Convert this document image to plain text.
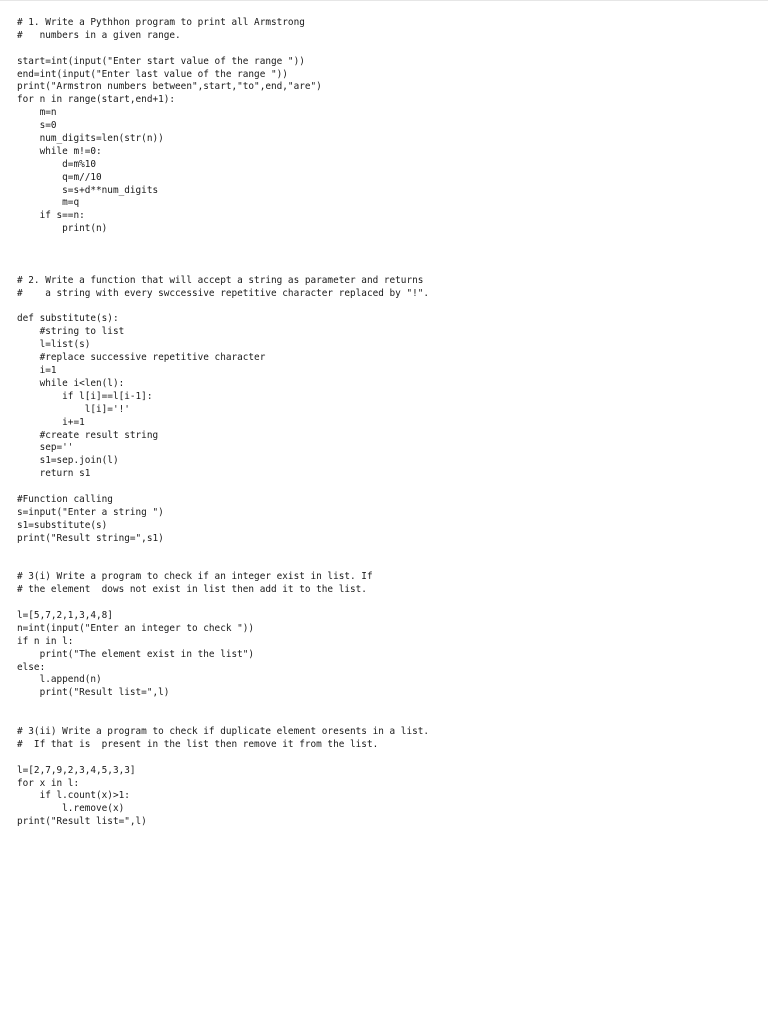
# 1. Write a Pythhon program to print all Armstrong
#   numbers in a given range.
start=int(input("Enter start value of the range "))
end=int(input("Enter last value of the range "))
print("Armstron numbers between",start,"to",end,"are")
for n in range(start,end+1):
m=n
s=0
num_digits=len(str(n))
while m!=0:
d=m%10
q=m//10
s=s+d**num_digits
m=q
if s==n:
print(n)
# 2. Write a function that will accept a string as parameter and returns
#    a string with every swccessive repetitive character replaced by "!".
def substitute(s):
#string to list
l=list(s)
#replace successive repetitive character
i=1
while i<len(l):
if l[i]==l[i-1]:
l[i]='!'
i+=1
#create result string
sep=''
s1=sep.join(l)
return s1
#Function calling
s=input("Enter a string ")
s1=substitute(s)
print("Result string=",s1)
# 3(i) Write a program to check if an integer exist in list. If
# the element  dows not exist in list then add it to the list.
l=[5,7,2,1,3,4,8]
n=int(input("Enter an integer to check "))
if n in l:
print("The element exist in the list")
else:
l.append(n)
print("Result list=",l)
# 3(ii) Write a program to check if duplicate element oresents in a list.
#  If that is  present in the list then remove it from the list.
l=[2,7,9,2,3,4,5,3,3]
for x in l:
if l.count(x)>1:
l.remove(x)
print("Result list=",l)
